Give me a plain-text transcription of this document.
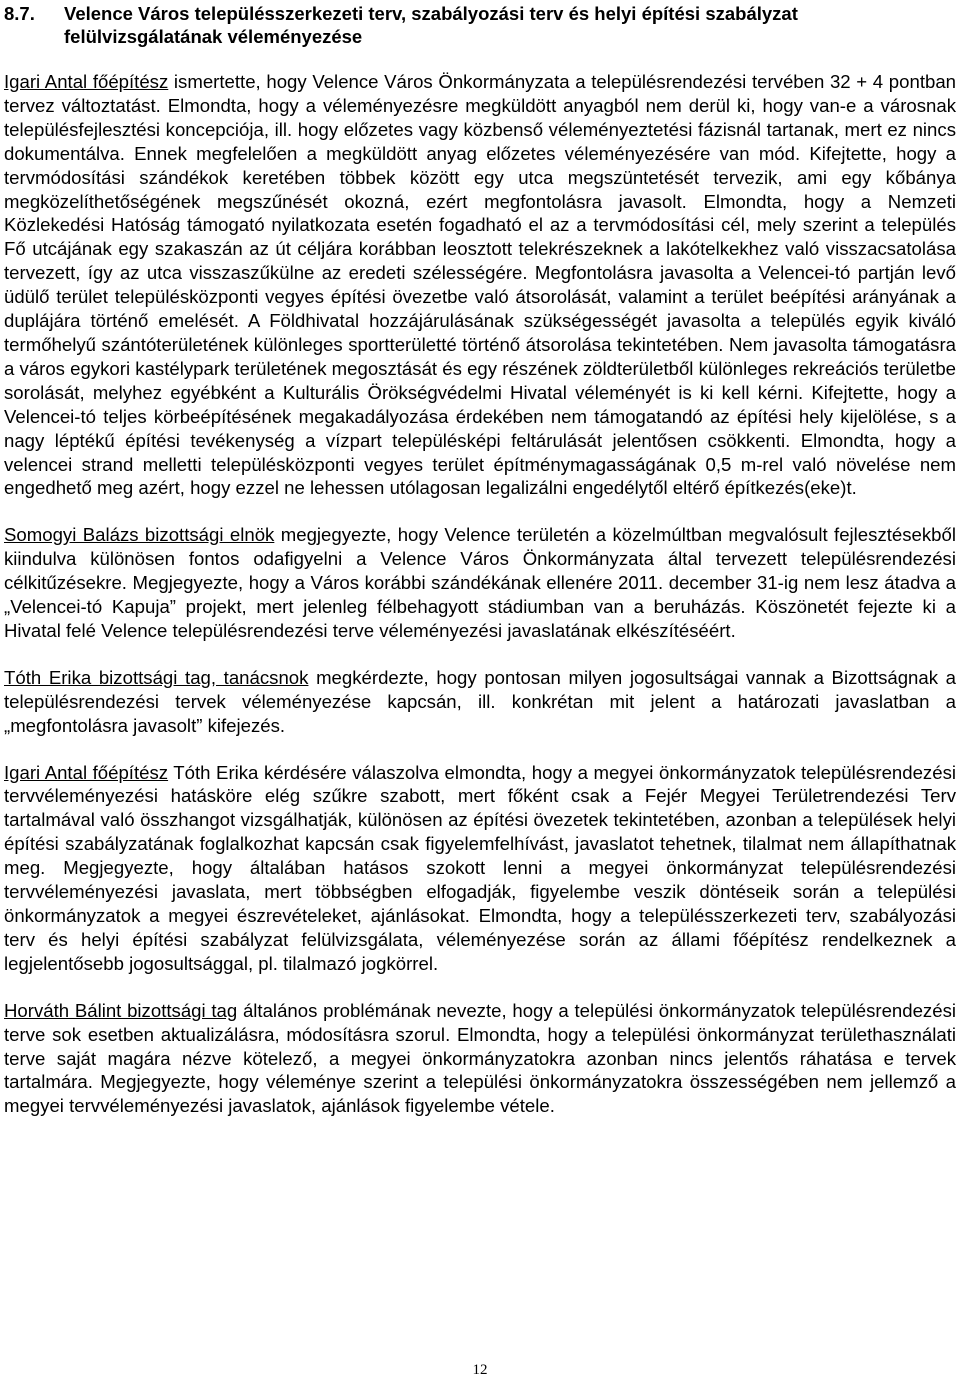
8.7.	Velence Város településszerkezeti terv, szabályozási terv és helyi építési szabályzat felülvizsgálatának véleményezése

Igari Antal főépítész ismertette, hogy Velence Város Önkormányzata a településrendezési tervében 32 + 4 pontban tervez változtatást. Elmondta, hogy a véleményezésre megküldött anyagból nem derül ki, hogy van-e a városnak településfejlesztési koncepciója, ill. hogy előzetes vagy közbenső véleményeztetési fázisnál tartanak, mert ez nincs dokumentálva. Ennek megfelelően a megküldött anyag előzetes véleményezésére van mód. Kifejtette, hogy a tervmódosítási szándékok keretében többek között egy utca megszüntetését tervezik, ami egy kőbánya megközelíthetőségének megszűnését okozná, ezért megfontolásra javasolt. Elmondta, hogy a Nemzeti Közlekedési Hatóság támogató nyilatkozata esetén fogadható el az a tervmódosítási cél, mely szerint a település Fő utcájának egy szakaszán az út céljára korábban leosztott telekrészeknek a lakótelkekhez való visszacsatolása tervezett, így az utca visszaszűkülne az eredeti szélességére. Megfontolásra javasolta a Velencei-tó partján levő üdülő terület településközponti vegyes építési övezetbe való átsorolását, valamint a terület beépítési arányának a duplájára történő emelését. A Földhivatal hozzájárulásának szükségességét javasolta a település egyik kiváló termőhelyű szántóterületének különleges sportterületté történő átsorolása tekintetében. Nem javasolta támogatásra a város egykori kastélypark területének megosztását és egy részének zöldterületből különleges rekreációs területbe sorolását, melyhez egyébként a Kulturális Örökségvédelmi Hivatal véleményét is ki kell kérni. Kifejtette, hogy a Velencei-tó teljes körbeépítésének megakadályozása érdekében nem támogatandó az építési hely kijelölése, s a nagy léptékű építési tevékenység a vízpart településképi feltárulását jelentősen csökkenti. Elmondta, hogy a velencei strand melletti településközponti vegyes terület építménymagasságának 0,5 m-rel való növelése nem engedhető meg azért, hogy ezzel ne lehessen utólagosan legalizálni engedélytől eltérő építkezés(eke)t.

Somogyi Balázs bizottsági elnök megjegyezte, hogy Velence területén a közelmúltban megvalósult fejlesztésekből kiindulva különösen fontos odafigyelni a Velence Város Önkormányzata által tervezett településrendezési célkitűzésekre. Megjegyezte, hogy a Város korábbi szándékának ellenére 2011. december 31-ig nem lesz átadva a „Velencei-tó Kapuja” projekt, mert jelenleg félbehagyott stádiumban van a beruházás. Köszönetét fejezte ki a Hivatal felé Velence településrendezési terve véleményezési javaslatának elkészítéséért.

Tóth Erika bizottsági tag, tanácsnok megkérdezte, hogy pontosan milyen jogosultságai vannak a Bizottságnak a településrendezési tervek véleményezése kapcsán, ill. konkrétan mit jelent a határozati javaslatban a „megfontolásra javasolt” kifejezés.

Igari Antal főépítész Tóth Erika kérdésére válaszolva elmondta, hogy a megyei önkormányzatok településrendezési tervvéleményezési hatásköre elég szűkre szabott, mert főként csak a Fejér Megyei Területrendezési Terv tartalmával való összhangot vizsgálhatják, különösen az építési övezetek tekintetében, azonban a települések helyi építési szabályzatának foglalkozhat kapcsán csak figyelemfelhívást, javaslatot tehetnek, tilalmat nem állapíthatnak meg. Megjegyezte, hogy általában hatásos szokott lenni a megyei önkormányzat településrendezési tervvéleményezési javaslata, mert többségben elfogadják, figyelembe veszik döntéseik során a települési önkormányzatok a megyei észrevételeket, ajánlásokat. Elmondta, hogy a településszerkezeti terv, szabályozási terv és helyi építési szabályzat felülvizsgálata, véleményezése során az állami főépítész rendelkeznek a legjelentősebb jogosultsággal, pl. tilalmazó jogkörrel.

Horváth Bálint bizottsági tag általános problémának nevezte, hogy a települési önkormányzatok településrendezési terve sok esetben aktualizálásra, módosításra szorul. Elmondta, hogy a települési önkormányzat területhasználati terve saját magára nézve kötelező, a megyei önkormányzatokra azonban nincs jelentős ráhatása e tervek tartalmára. Megjegyezte, hogy véleménye szerint a települési önkormányzatokra összességében nem jellemző a megyei tervvéleményezési javaslatok, ajánlások figyelembe vétele.

12
